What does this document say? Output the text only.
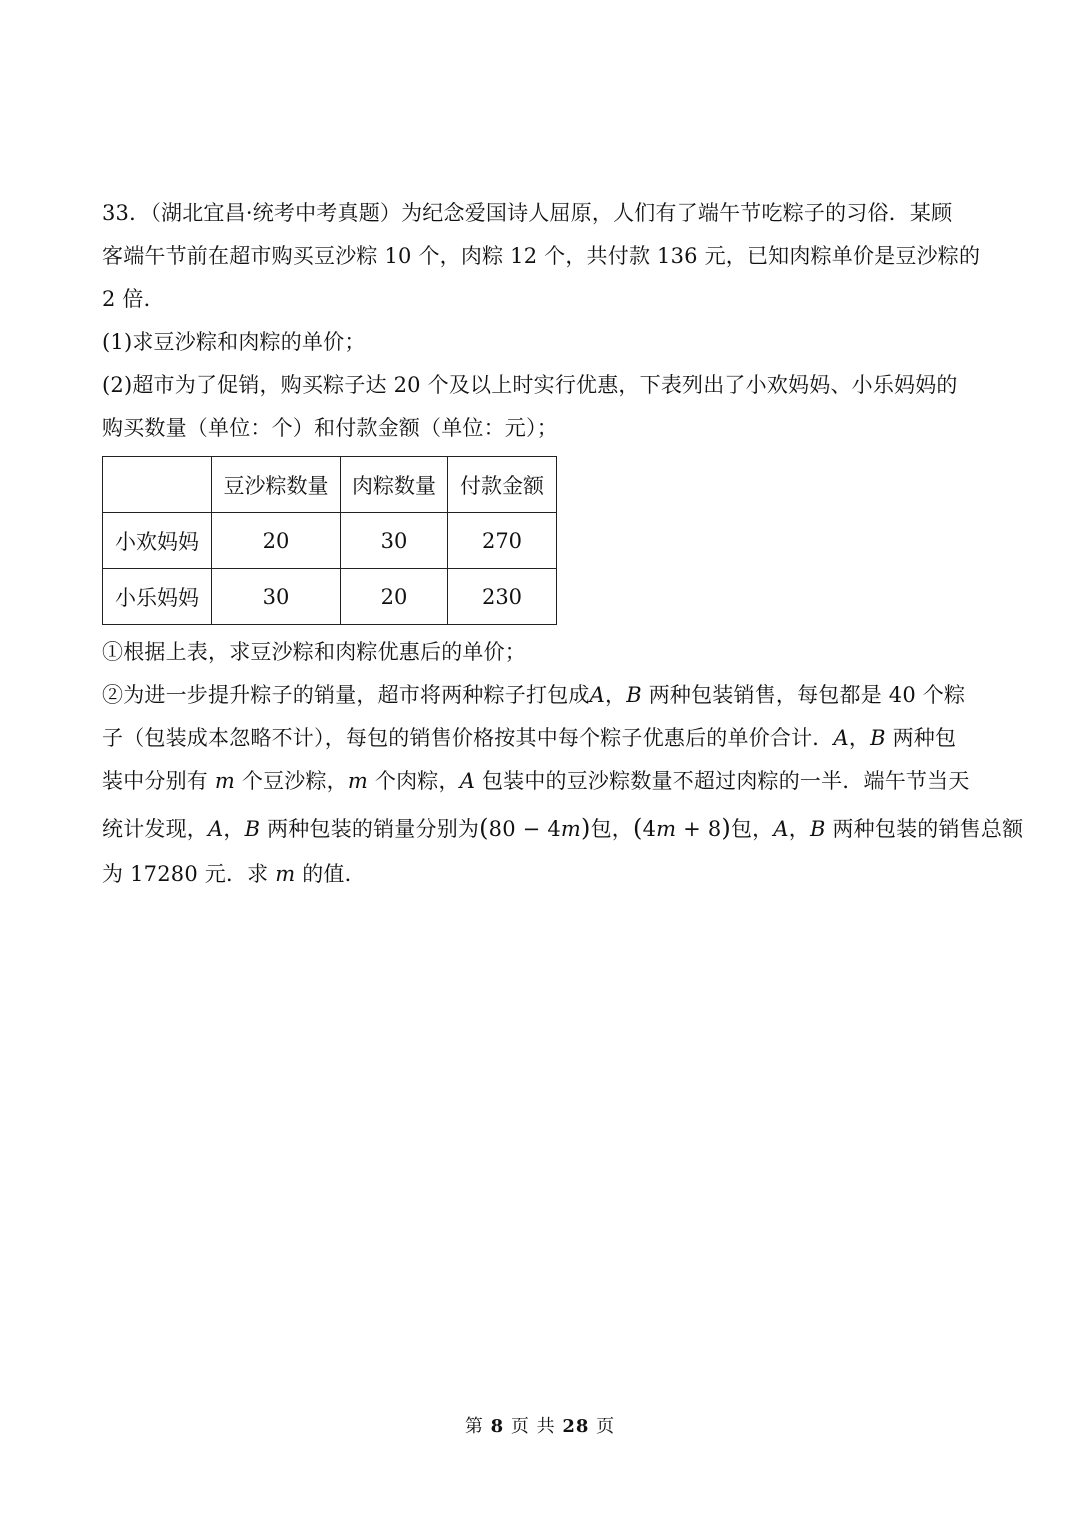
33．（湖北宜昌·统考中考真题）为纪念爱国诗人屈原，人们有了端午节吃粽子的习俗．某顾
客端午节前在超市购买豆沙粽 10 个，肉粽 12 个，共付款 136 元，已知肉粽单价是豆沙粽的
2 倍．
(1)求豆沙粽和肉粽的单价；
(2)超市为了促销，购买粽子达 20 个及以上时实行优惠，下表列出了小欢妈妈、小乐妈妈的
购买数量（单位：个）和付款金额（单位：元）；
	豆沙粽数量	肉粽数量	付款金额
小欢妈妈	20	30	270
小乐妈妈	30	20	230
①根据上表，求豆沙粽和肉粽优惠后的单价；
②为进一步提升粽子的销量，超市将两种粽子打包成A，B 两种包装销售，每包都是 40 个粽
子（包装成本忽略不计），每包的销售价格按其中每个粽子优惠后的单价合计．A，B 两种包
装中分别有 m 个豆沙粽，m 个肉粽，A 包装中的豆沙粽数量不超过肉粽的一半．端午节当天
统计发现，A，B 两种包装的销量分别为(80 − 4m)包，(4m + 8)包，A，B 两种包装的销售总额
为 17280 元．求 m 的值．
第 8 页 共 28 页
